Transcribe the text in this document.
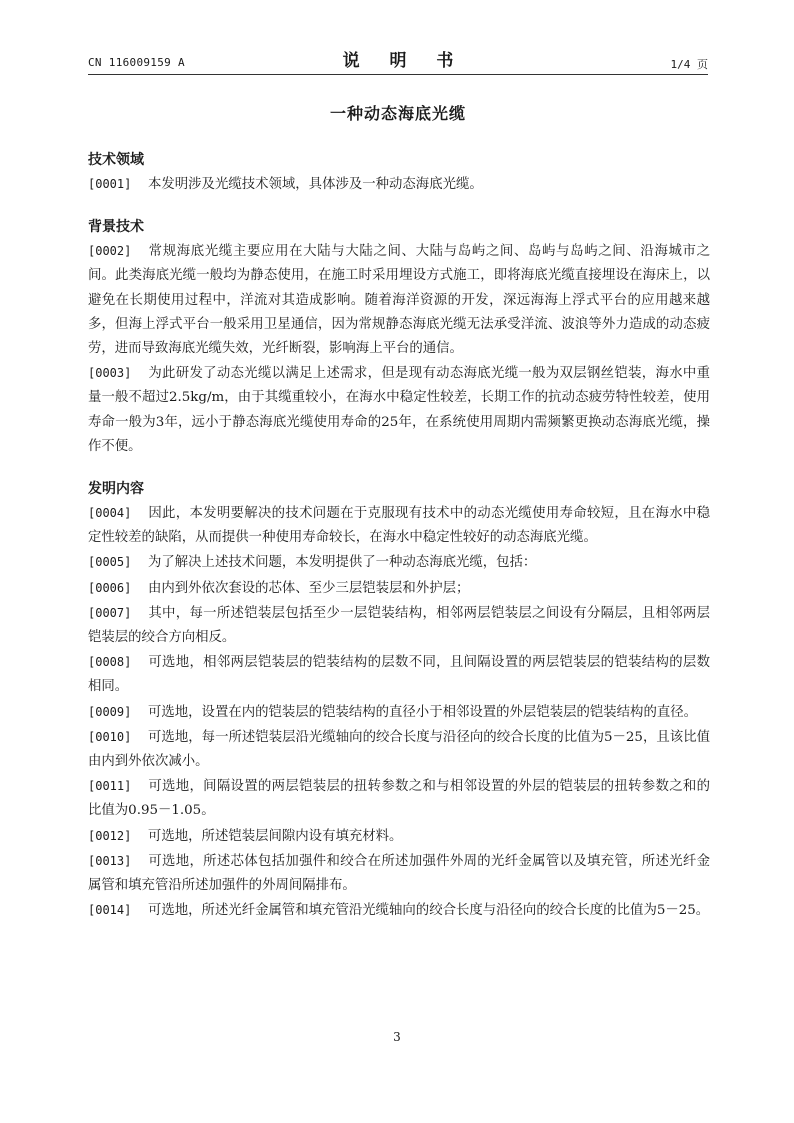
CN 116009159 A	说 明 书	1/4 页
一种动态海底光缆
技术领域
[0001] 本发明涉及光缆技术领域，具体涉及一种动态海底光缆。
背景技术
[0002] 常规海底光缆主要应用在大陆与大陆之间、大陆与岛屿之间、岛屿与岛屿之间、沿海城市之间。此类海底光缆一般均为静态使用，在施工时采用埋设方式施工，即将海底光缆直接埋设在海床上，以避免在长期使用过程中，洋流对其造成影响。随着海洋资源的开发，深远海海上浮式平台的应用越来越多，但海上浮式平台一般采用卫星通信，因为常规静态海底光缆无法承受洋流、波浪等外力造成的动态疲劳，进而导致海底光缆失效，光纤断裂，影响海上平台的通信。
[0003] 为此研发了动态光缆以满足上述需求，但是现有动态海底光缆一般为双层钢丝铠装，海水中重量一般不超过2.5kg/m，由于其缆重较小，在海水中稳定性较差，长期工作的抗动态疲劳特性较差，使用寿命一般为3年，远小于静态海底光缆使用寿命的25年，在系统使用周期内需频繁更换动态海底光缆，操作不便。
发明内容
[0004] 因此，本发明要解决的技术问题在于克服现有技术中的动态光缆使用寿命较短，且在海水中稳定性较差的缺陷，从而提供一种使用寿命较长，在海水中稳定性较好的动态海底光缆。
[0005] 为了解决上述技术问题，本发明提供了一种动态海底光缆，包括：
[0006] 由内到外依次套设的芯体、至少三层铠装层和外护层；
[0007] 其中，每一所述铠装层包括至少一层铠装结构，相邻两层铠装层之间设有分隔层，且相邻两层铠装层的绞合方向相反。
[0008] 可选地，相邻两层铠装层的铠装结构的层数不同，且间隔设置的两层铠装层的铠装结构的层数相同。
[0009] 可选地，设置在内的铠装层的铠装结构的直径小于相邻设置的外层铠装层的铠装结构的直径。
[0010] 可选地，每一所述铠装层沿光缆轴向的绞合长度与沿径向的绞合长度的比值为5－25，且该比值由内到外依次减小。
[0011] 可选地，间隔设置的两层铠装层的扭转参数之和与相邻设置的外层的铠装层的扭转参数之和的比值为0.95－1.05。
[0012] 可选地，所述铠装层间隙内设有填充材料。
[0013] 可选地，所述芯体包括加强件和绞合在所述加强件外周的光纤金属管以及填充管，所述光纤金属管和填充管沿所述加强件的外周间隔排布。
[0014] 可选地，所述光纤金属管和填充管沿光缆轴向的绞合长度与沿径向的绞合长度的比值为5－25。
3
